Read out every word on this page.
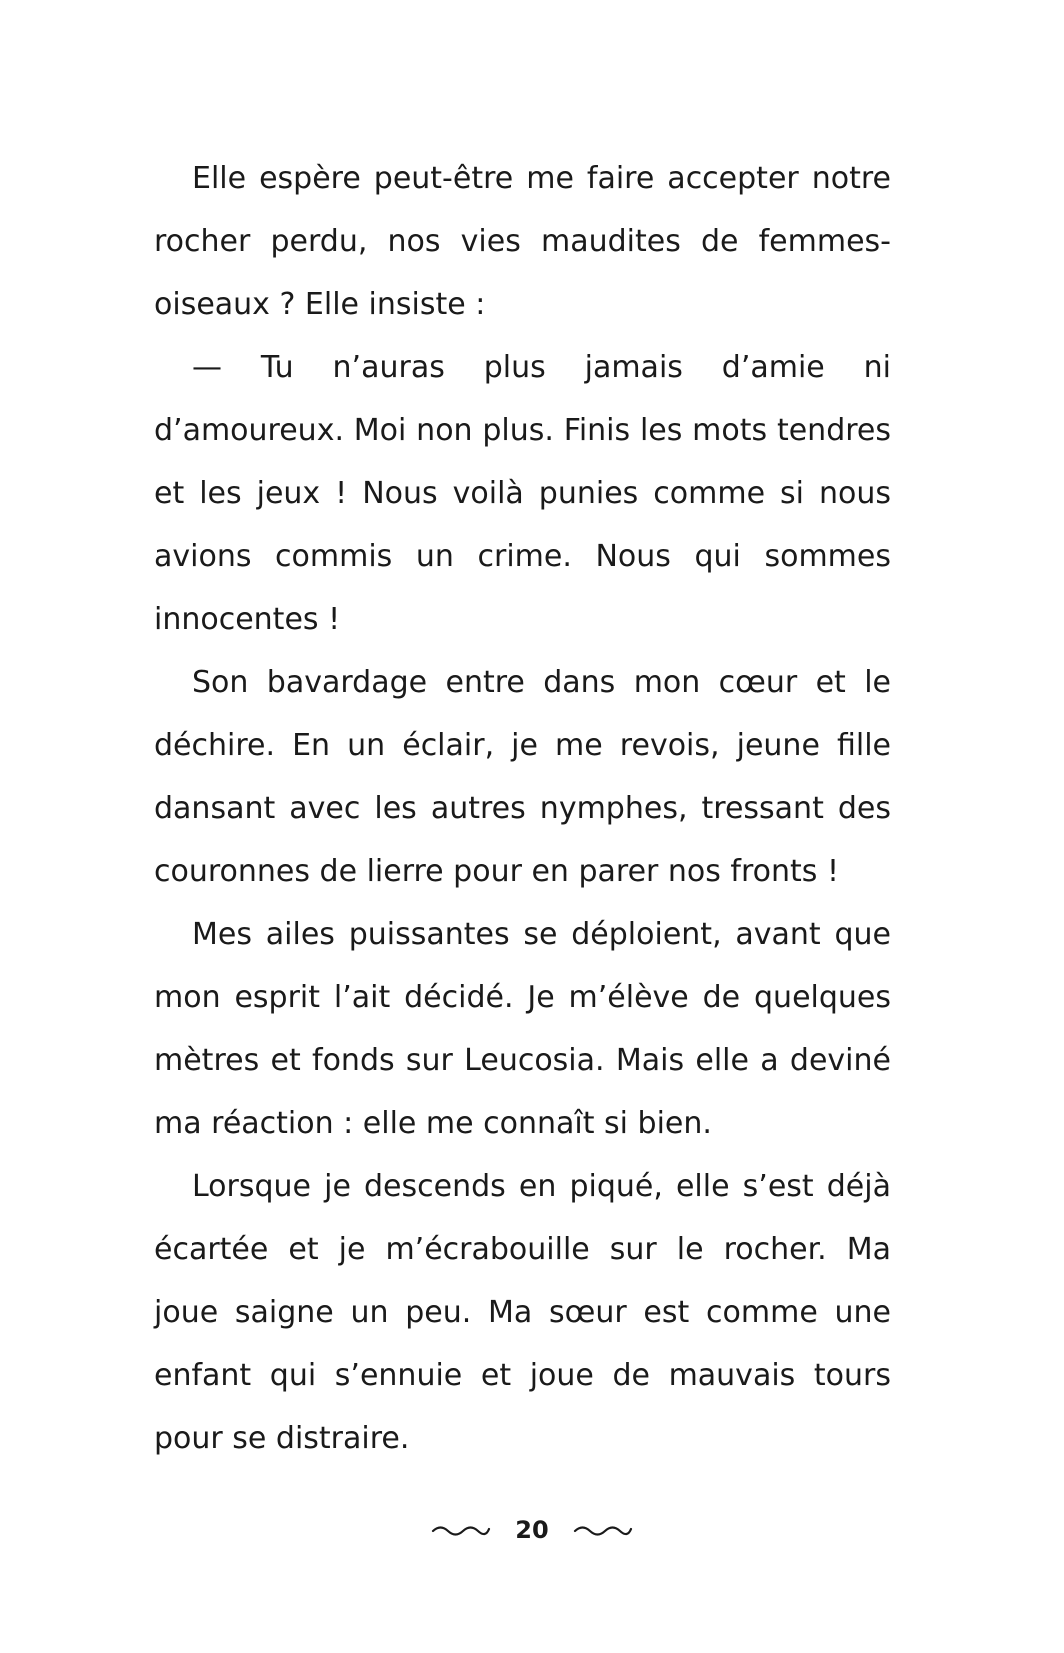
Elle espère peut-être me faire accepter notre rocher perdu, nos vies maudites de femmes-oiseaux ? Elle insiste :

— Tu n’auras plus jamais d’amie ni d’amoureux. Moi non plus. Finis les mots tendres et les jeux ! Nous voilà punies comme si nous avions commis un crime. Nous qui sommes innocentes !

Son bavardage entre dans mon cœur et le déchire. En un éclair, je me revois, jeune fille dansant avec les autres nymphes, tressant des couronnes de lierre pour en parer nos fronts !

Mes ailes puissantes se déploient, avant que mon esprit l’ait décidé. Je m’élève de quelques mètres et fonds sur Leucosia. Mais elle a deviné ma réaction : elle me connaît si bien.

Lorsque je descends en piqué, elle s’est déjà écartée et je m’écrabouille sur le rocher. Ma joue saigne un peu. Ma sœur est comme une enfant qui s’ennuie et joue de mauvais tours pour se distraire.

20
